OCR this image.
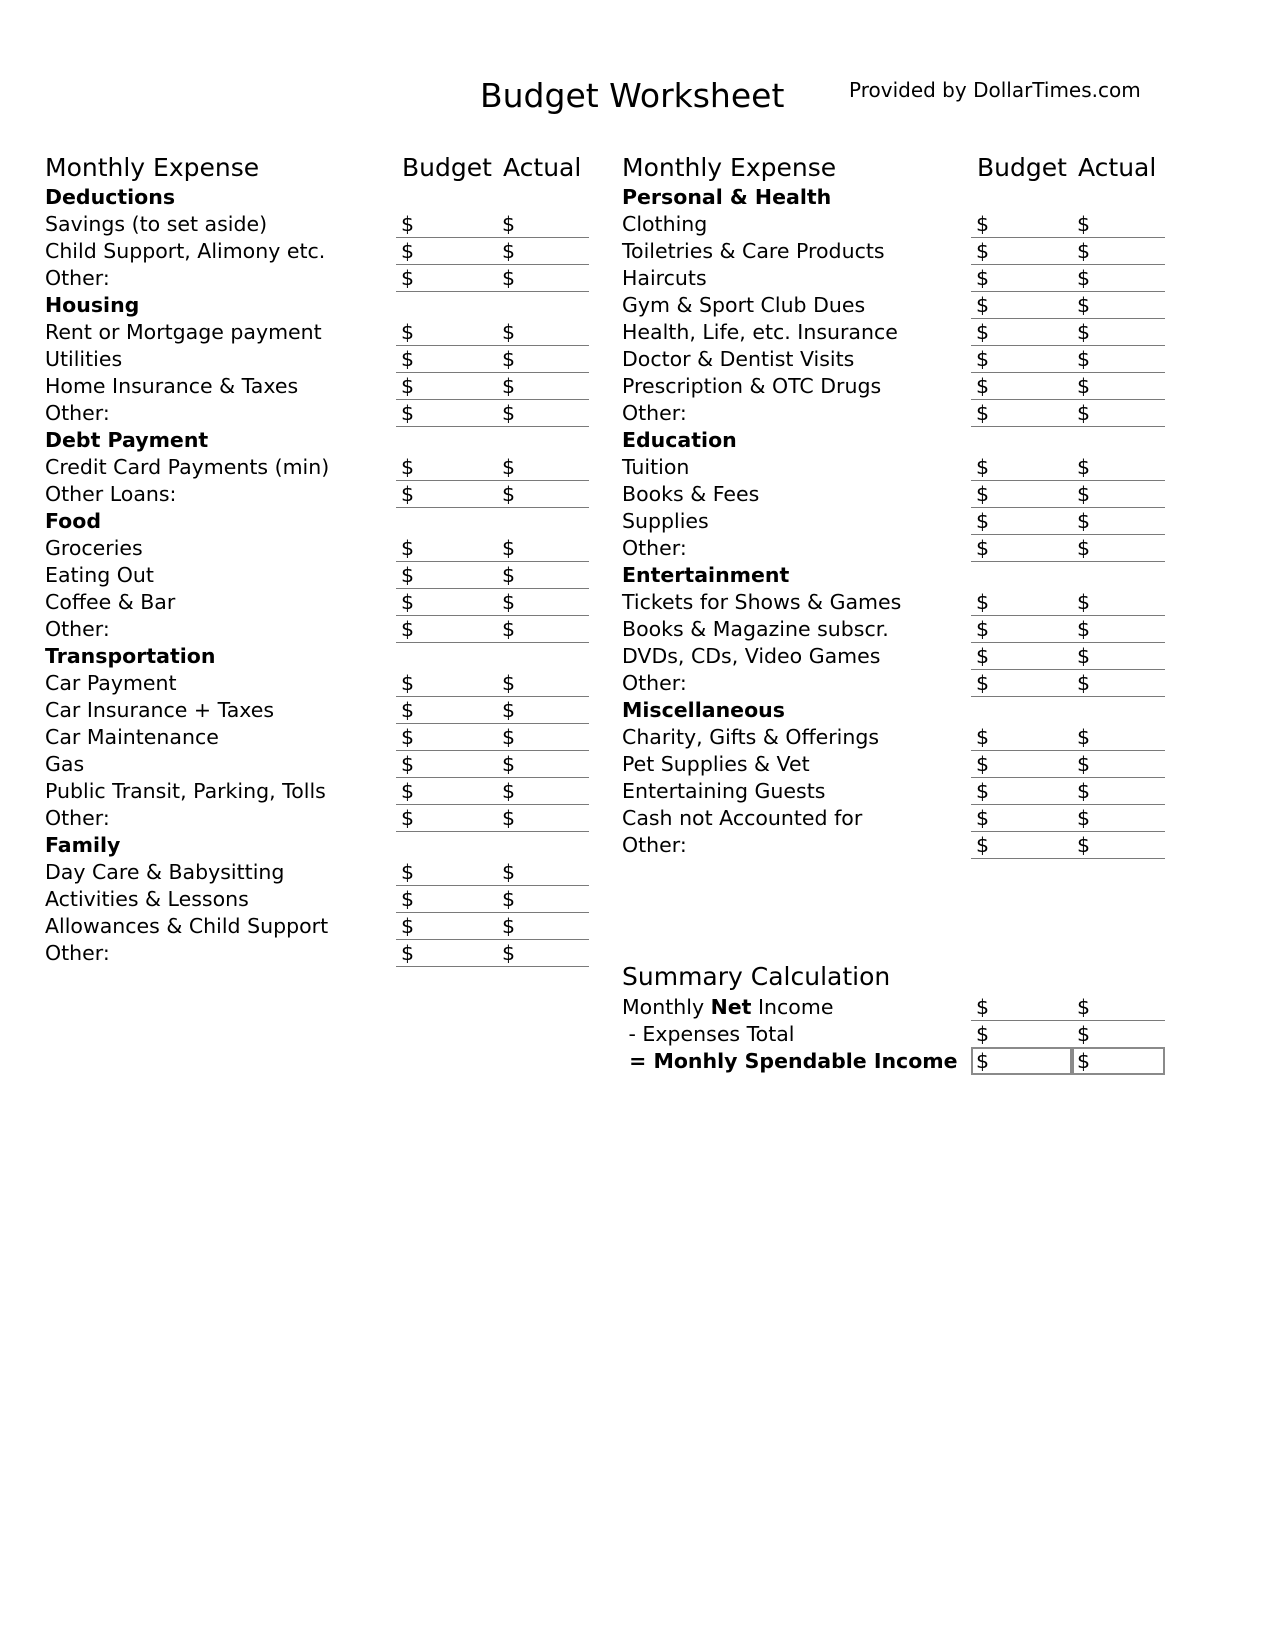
Budget Worksheet	Provided by DollarTimes.com
Monthly Expense	Budget Actual
Deductions
Savings (to set aside)	$	$
Child Support, Alimony etc.	$	$
Other:	$	$
Housing
Rent or Mortgage payment	$	$
Utilities	$	$
Home Insurance & Taxes	$	$
Other:	$	$
Debt Payment
Credit Card Payments (min)	$	$
Other Loans:	$	$
Food
Groceries	$	$
Eating Out	$	$
Coffee & Bar	$	$
Other:	$	$
Transportation
Car Payment	$	$
Car Insurance + Taxes	$	$
Car Maintenance	$	$
Gas	$	$
Public Transit, Parking, Tolls	$	$
Other:	$	$
Family
Day Care & Babysitting	$	$
Activities & Lessons	$	$
Allowances & Child Support	$	$
Other:	$	$
Monthly Expense	Budget Actual
Personal & Health
Clothing	$	$
Toiletries & Care Products	$	$
Haircuts	$	$
Gym & Sport Club Dues	$	$
Health, Life, etc. Insurance	$	$
Doctor & Dentist Visits	$	$
Prescription & OTC Drugs	$	$
Other:	$	$
Education
Tuition	$	$
Books & Fees	$	$
Supplies	$	$
Other:	$	$
Entertainment
Tickets for Shows & Games	$	$
Books & Magazine subscr.	$	$
DVDs, CDs, Video Games	$	$
Other:	$	$
Miscellaneous
Charity, Gifts & Offerings	$	$
Pet Supplies & Vet	$	$
Entertaining Guests	$	$
Cash not Accounted for	$	$
Other:	$	$
Summary Calculation
Monthly Net Income	$	$
- Expenses Total	$	$
= Monhly Spendable Income $	$
